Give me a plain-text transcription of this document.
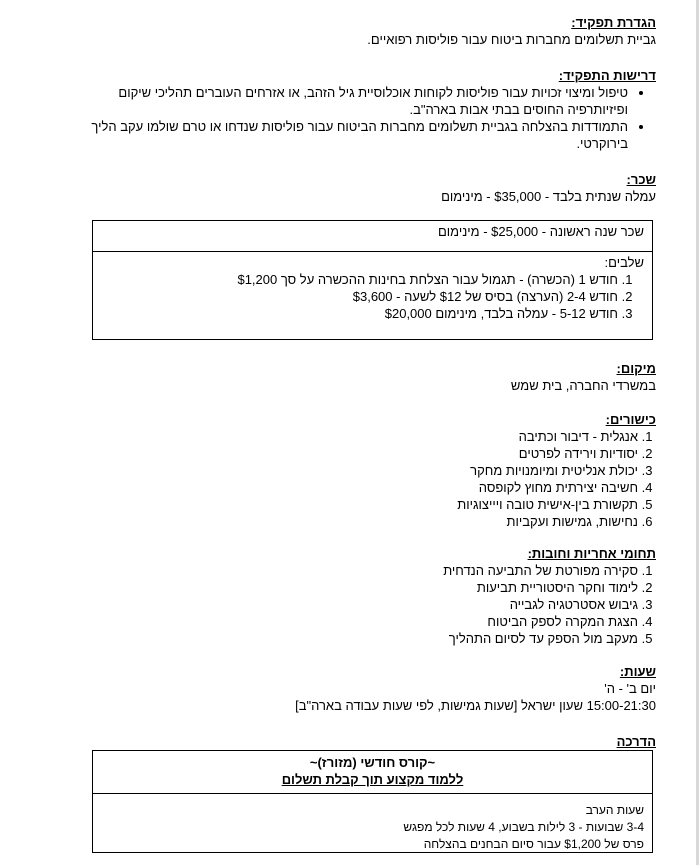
הגדרת תפקיד:
גביית תשלומים מחברות ביטוח עבור פוליסות רפואיים.
דרישות התפקיד:
• טיפול ומיצוי זכויות עבור פוליסות לקוחות אוכלוסיית גיל הזהב, או אזרחים העוברים תהליכי שיקום ופיזיותרפיה החוסים בבתי אבות בארה"ב.
• התמודדות בהצלחה בגביית תשלומים מחברות הביטוח עבור פוליסות שנדחו או טרם שולמו עקב הליך בירוקרטי.
שכר:
עמלה שנתית בלבד - $35,000 - מינימום
שכר שנה ראשונה - $25,000 - מינימום
שלבים:
1. חודש 1 (הכשרה) - תגמול עבור הצלחת בחינות ההכשרה על סך $1,200
2. חודש 2-4 (הערצה) בסיס של $12 לשעה - $3,600
3. חודש 5-12 - עמלה בלבד, מינימום $20,000
מיקום:
במשרדי החברה, בית שמש
כישורים:
1. אנגלית - דיבור וכתיבה
2. יסודיות וירידה לפרטים
3. יכולת אנליטית ומיומנויות מחקר
4. חשיבה יצירתית מחוץ לקופסה
5. תקשורת בין-אישית טובה ויייצוגיות
6. נחישות, גמישות ועקביות
תחומי אחריות וחובות:
1. סקירה מפורטת של התביעה הנדחית
2. לימוד וחקר היסטוריית תביעות
3. גיבוש אסטרטגיה לגבייה
4. הצגת המקרה לספק הביטוח
5. מעקב מול הספק עד לסיום התהליך
שעות:
יום ב' - ה'
15:00-21:30 שעון ישראל [שעות גמישות, לפי שעות עבודה בארה"ב]
הדרכה
~קורס חודשי (מזורז)~
ללמוד מקצוע תוך קבלת תשלום
שעות הערב
3-4 שבועות - 3 לילות בשבוע, 4 שעות לכל מפגש
פרס של $1,200 עבור סיום הבחנים בהצלחה
